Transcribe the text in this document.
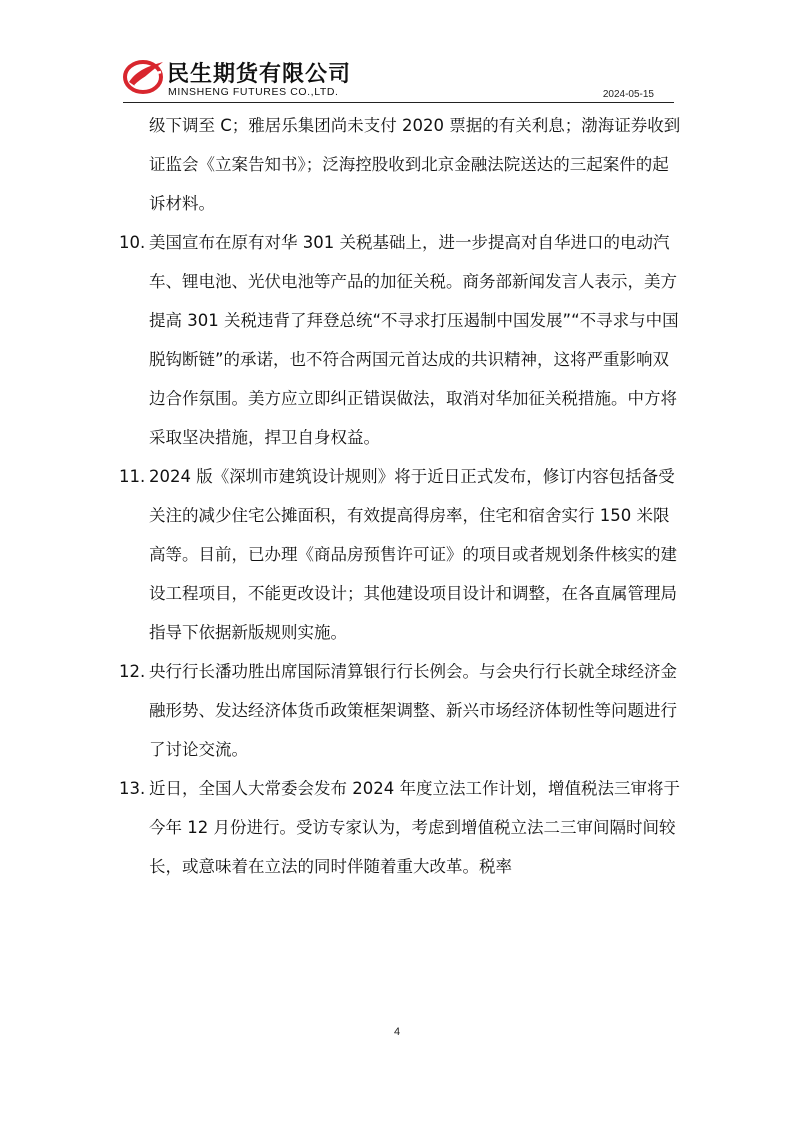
民生期货有限公司
MINSHENG FUTURES CO.,LTD.	2024-05-15

级下调至 C；雅居乐集团尚未支付 2020 票据的有关利息；渤海证券收到证监会《立案告知书》；泛海控股收到北京金融法院送达的三起案件的起诉材料。

10. 美国宣布在原有对华 301 关税基础上，进一步提高对自华进口的电动汽车、锂电池、光伏电池等产品的加征关税。商务部新闻发言人表示，美方提高 301 关税违背了拜登总统“不寻求打压遏制中国发展”“不寻求与中国脱钩断链”的承诺，也不符合两国元首达成的共识精神，这将严重影响双边合作氛围。美方应立即纠正错误做法，取消对华加征关税措施。中方将采取坚决措施，捍卫自身权益。

11. 2024 版《深圳市建筑设计规则》将于近日正式发布，修订内容包括备受关注的减少住宅公摊面积，有效提高得房率，住宅和宿舍实行 150 米限高等。目前，已办理《商品房预售许可证》的项目或者规划条件核实的建设工程项目，不能更改设计；其他建设项目设计和调整，在各直属管理局指导下依据新版规则实施。

12. 央行行长潘功胜出席国际清算银行行长例会。与会央行行长就全球经济金融形势、发达经济体货币政策框架调整、新兴市场经济体韧性等问题进行了讨论交流。

13. 近日，全国人大常委会发布 2024 年度立法工作计划，增值税法三审将于今年 12 月份进行。受访专家认为，考虑到增值税立法二三审间隔时间较长，或意味着在立法的同时伴随着重大改革。税率

4
